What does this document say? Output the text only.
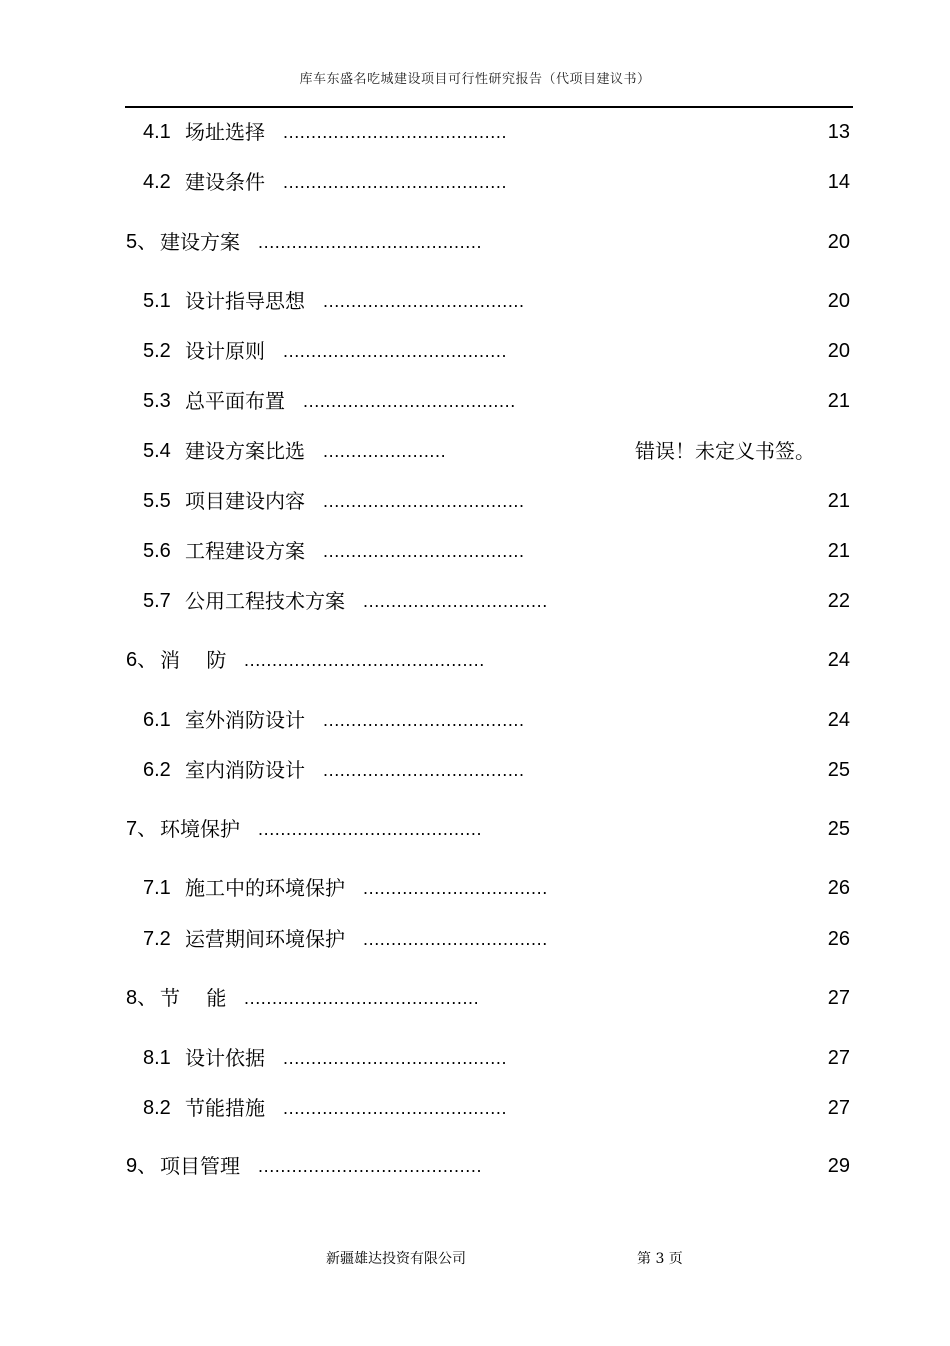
库车东盛名吃城建设项目可行性研究报告（代项目建议书）
4.1 场址选择 ........................................	13
4.2 建设条件 ........................................	14
5、 建设方案 ........................................	20
5.1 设计指导思想 ....................................	20
5.2 设计原则 ........................................	20
5.3 总平面布置 ......................................	21
5.4 建设方案比选 ......................	错误！未定义书签。
5.5 项目建设内容 ....................................	21
5.6 工程建设方案 ....................................	21
5.7 公用工程技术方案 .................................	22
6、 消　 防 ...........................................	24
6.1 室外消防设计 ....................................	24
6.2 室内消防设计 ....................................	25
7、 环境保护 ........................................	25
7.1 施工中的环境保护 .................................	26
7.2 运营期间环境保护 .................................	26
8、 节　 能 ..........................................	27
8.1 设计依据 ........................................	27
8.2 节能措施 ........................................	27
9、 项目管理 ........................................	29
新疆雄达投资有限公司	第 3 页
